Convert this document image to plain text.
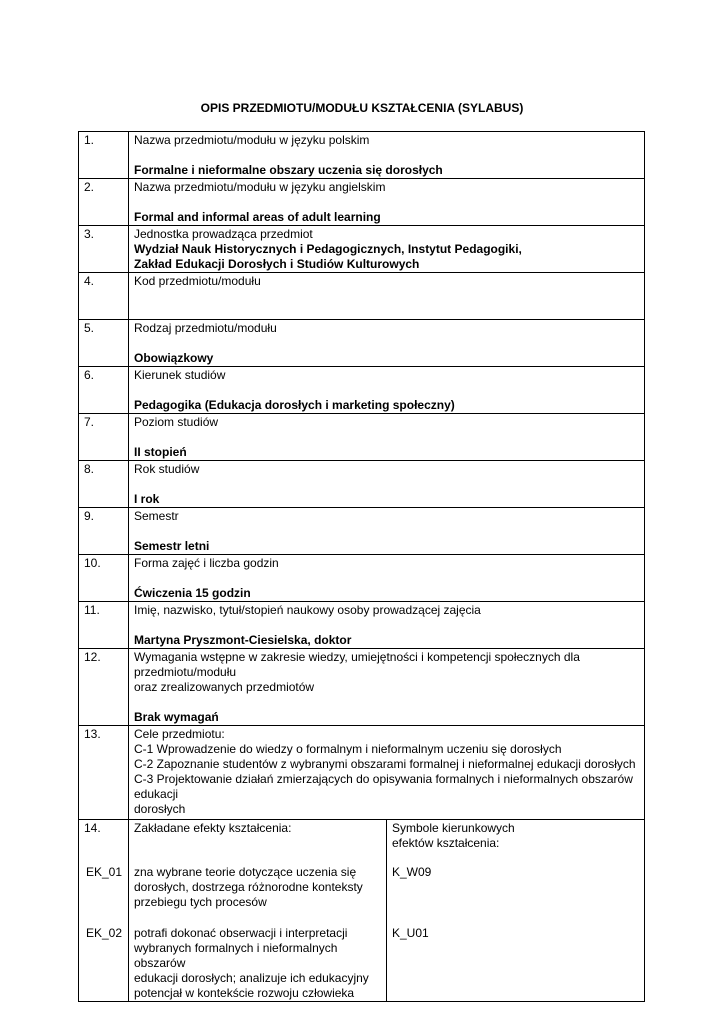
OPIS PRZEDMIOTU/MODUŁU KSZTAŁCENIA (SYLABUS)
1.	Nazwa przedmiotu/modułu w języku polskim
Formalne i nieformalne obszary uczenia się dorosłych	

2.	Nazwa przedmiotu/modułu w języku angielskim
Formal and informal areas of adult learning	

3.	Jednostka prowadząca przedmiot
Wydział Nauk Historycznych i Pedagogicznych, Instytut Pedagogiki,
Zakład Edukacji Dorosłych i Studiów Kulturowych	

4.	Kod przedmiotu/modułu	

5.	Rodzaj przedmiotu/modułu
Obowiązkowy	

6.	Kierunek studiów
Pedagogika (Edukacja dorosłych i marketing społeczny)	

7.	Poziom studiów
II stopień	

8.	Rok studiów
I rok	

9.	Semestr
Semestr letni	

10.	Forma zajęć i liczba godzin
Ćwiczenia 15 godzin	

11.	Imię, nazwisko, tytuł/stopień naukowy osoby prowadzącej zajęcia
Martyna Pryszmont-Ciesielska, doktor	

12.	Wymagania wstępne w zakresie wiedzy, umiejętności i kompetencji społecznych dla przedmiotu/modułu
oraz zrealizowanych przedmiotów
Brak wymagań	

13.	Cele przedmiotu:
C-1 Wprowadzenie do wiedzy o formalnym i nieformalnym uczeniu się dorosłych
C-2 Zapoznanie studentów z wybranymi obszarami formalnej i nieformalnej edukacji dorosłych
C-3 Projektowanie działań zmierzających do opisywania formalnych i nieformalnych obszarów edukacji
dorosłych	

14.	Zakładane efekty kształcenia:	Symbole kierunkowych
efektów kształcenia:

EK_01	zna wybrane teorie dotyczące uczenia się
dorosłych, dostrzega różnorodne konteksty
przebiegu tych procesów	K_W09
EK_02	potrafi dokonać obserwacji i interpretacji
wybranych formalnych i nieformalnych obszarów
edukacji dorosłych; analizuje ich edukacyjny
potencjał w kontekście rozwoju człowieka	K_U01
